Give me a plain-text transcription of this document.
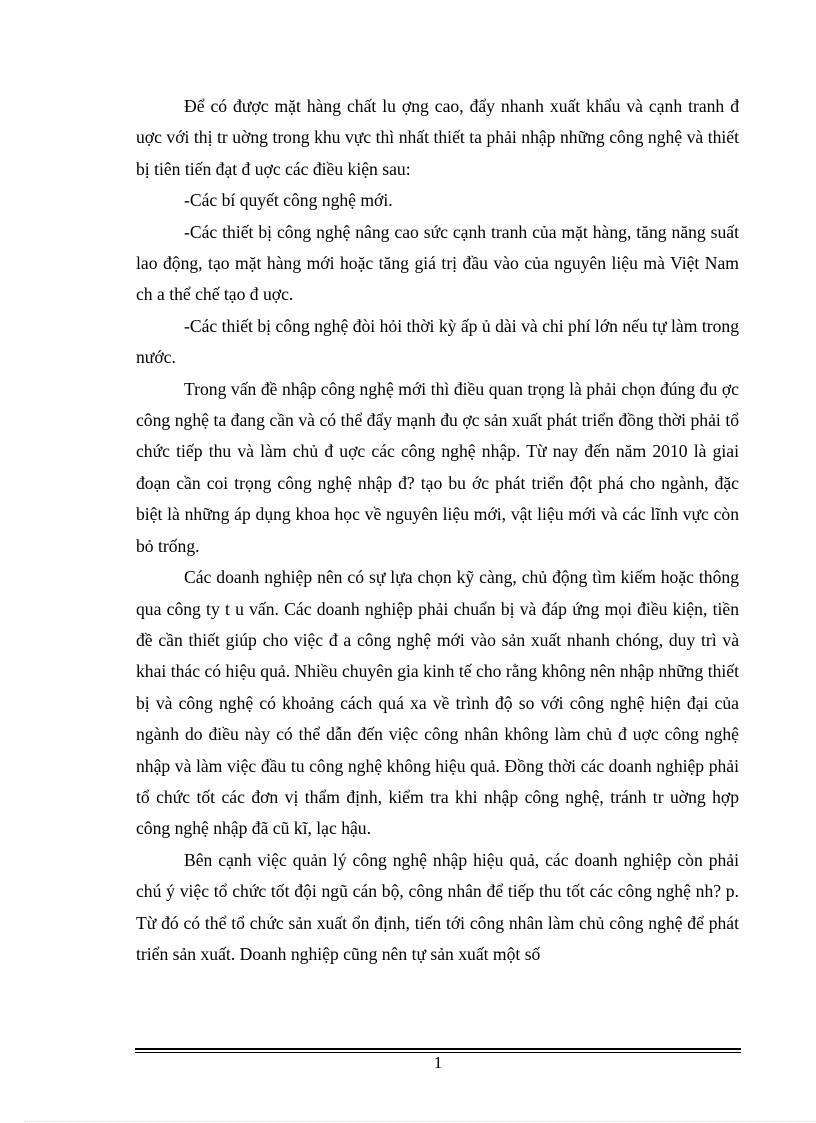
Để có được mặt hàng chất lu ợng cao, đẩy nhanh xuất khẩu và cạnh tranh đ uợc với thị tr uờng trong khu vực thì nhất thiết ta phải nhập những công nghệ và thiết bị tiên tiến đạt đ uợc các điều kiện sau:

-Các bí quyết công nghệ mới.

-Các thiết bị công nghệ nâng cao sức cạnh tranh của mặt hàng, tăng năng suất lao động, tạo mặt hàng mới hoặc tăng giá trị đầu vào của nguyên liệu mà Việt Nam ch a thể chế tạo đ uợc.

-Các thiết bị công nghệ đòi hỏi thời kỳ ấp ủ dài và chi phí lớn nếu tự làm trong nước.

Trong vấn đề nhập công nghệ mới thì điều quan trọng là phải chọn đúng đu ợc công nghệ ta đang cần và có thể đẩy mạnh đu ợc sản xuất phát triển đồng thời phải tổ chức tiếp thu và làm chủ đ uợc các công nghệ nhập. Từ nay đến năm 2010 là giai đoạn cần coi trọng công nghệ nhập đ? tạo bu ớc phát triển đột phá cho ngành, đặc biệt là những áp dụng khoa học về nguyên liệu mới, vật liệu mới và các lĩnh vực còn bỏ trống.

Các doanh nghiệp nên có sự lựa chọn kỹ càng, chủ động tìm kiếm hoặc thông qua công ty t u vấn. Các doanh nghiệp phải chuẩn bị và đáp ứng mọi điều kiện, tiền đề cần thiết giúp cho việc đ a công nghệ mới vào sản xuất nhanh chóng, duy trì và khai thác có hiệu quả. Nhiều chuyên gia kinh tế cho rằng không nên nhập những thiết bị và công nghệ có khoảng cách quá xa về trình độ so với công nghệ hiện đại của ngành do điều này có thể dẫn đến việc công nhân không làm chủ đ uợc công nghệ nhập và làm việc đầu tu công nghệ không hiệu quả. Đồng thời các doanh nghiệp phải tổ chức tốt các đơn vị thẩm định, kiểm tra khi nhập công nghệ, tránh tr uờng hợp công nghệ nhập đã cũ kĩ, lạc hậu.

Bên cạnh việc quản lý công nghệ nhập hiệu quả, các doanh nghiệp còn phải chú ý việc tổ chức tốt đội ngũ cán bộ, công nhân để tiếp thu tốt các công nghệ nh? p. Từ đó có thể tổ chức sản xuất ổn định, tiến tới công nhân làm chủ công nghệ để phát triển sản xuất. Doanh nghiệp cũng nên tự sản xuất một số

1
